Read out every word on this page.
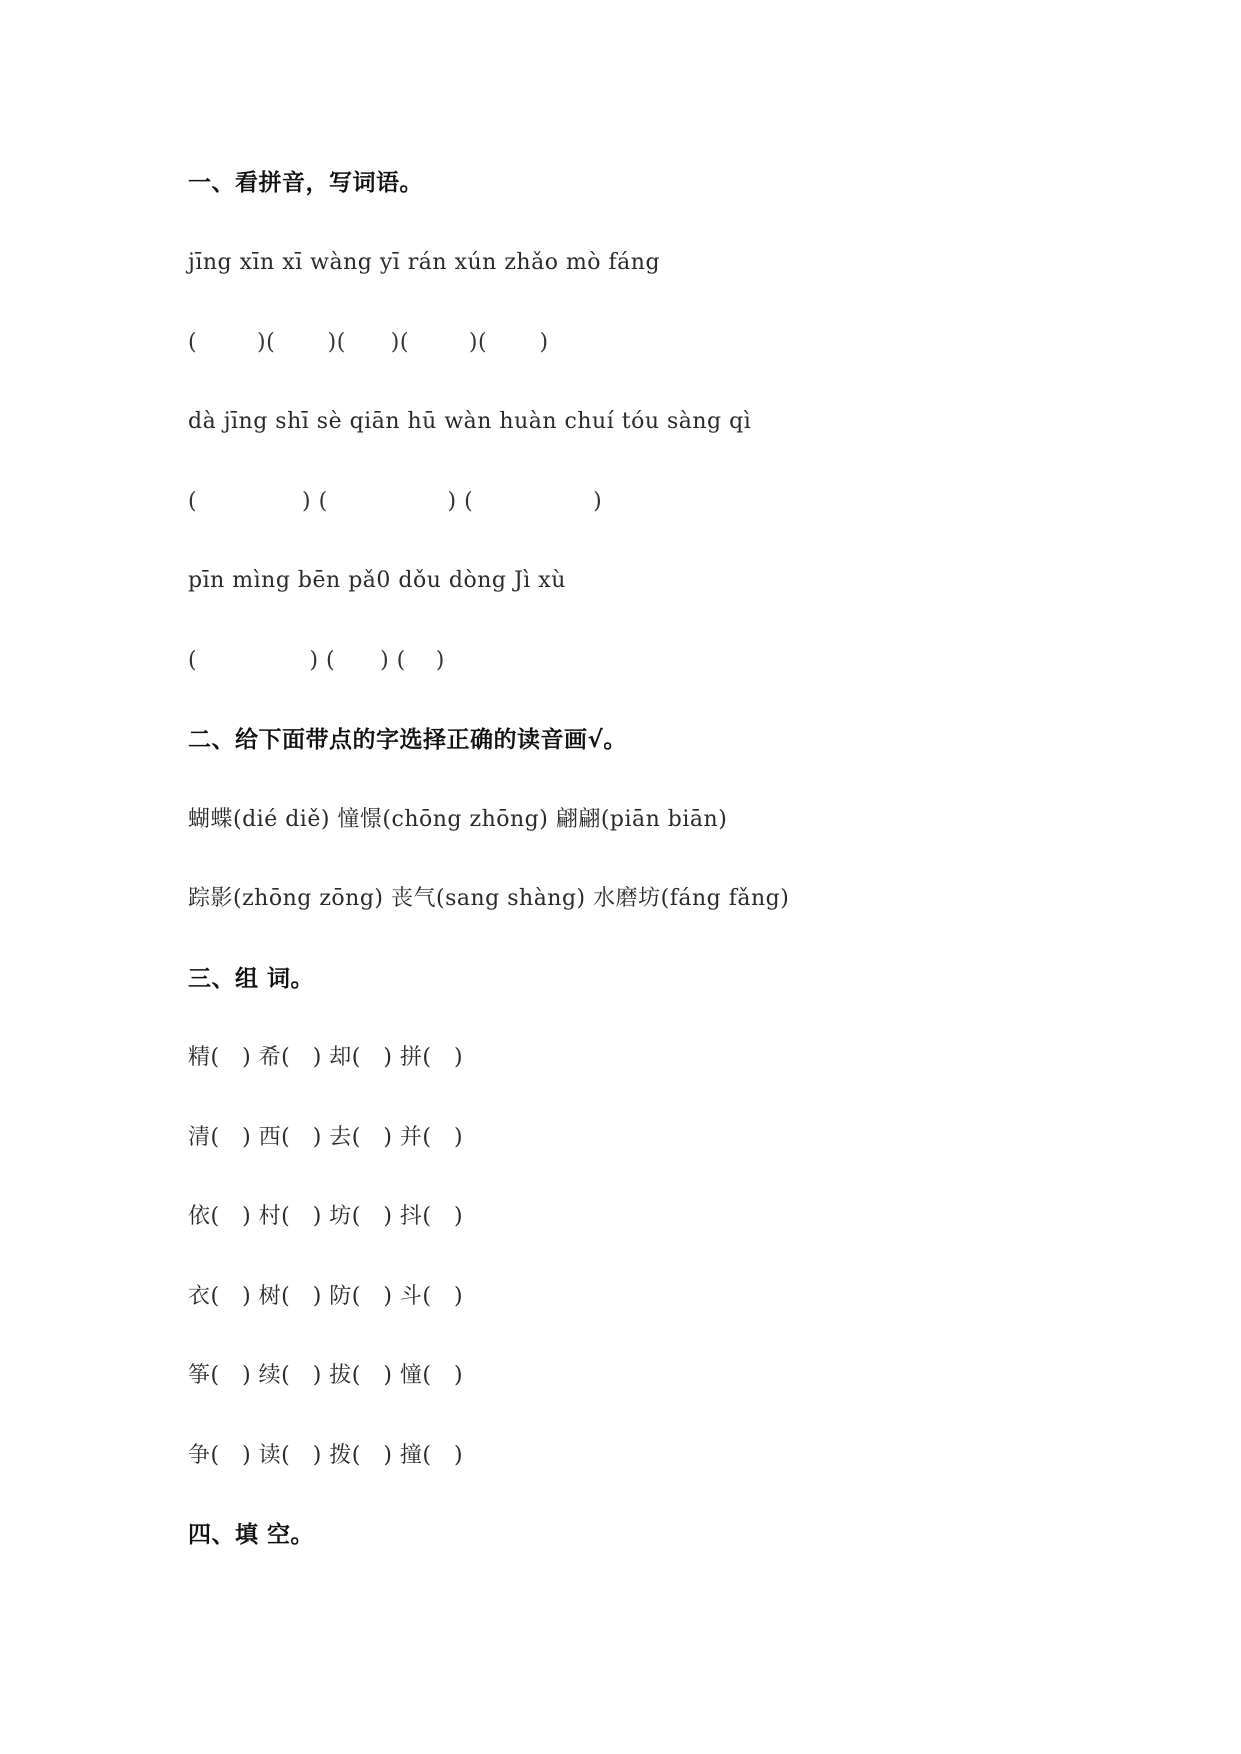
一、看拼音，写词语。
jīng xīn xī wàng yī rán xún zhǎo mò fáng
(        )(       )(      )(        )(       )
dà jīng shī sè qiān hū wàn huàn chuí tóu sàng qì
(              ) (                ) (                )
pīn mìng bēn pǎ0 dǒu dòng Jì xù
(               ) (      ) (    )
二、给下面带点的字选择正确的读音画√。
蝴蝶(dié diě) 憧憬(chōng zhōng) 翩翩(piān biān)
踪影(zhōng zōng) 丧气(sang shàng) 水磨坊(fáng fǎng)
三、组 词。
精(   ) 希(   ) 却(   ) 拼(   )
清(   ) 西(   ) 去(   ) 并(   )
依(   ) 村(   ) 坊(   ) 抖(   )
衣(   ) 树(   ) 防(   ) 斗(   )
筝(   ) 续(   ) 拔(   ) 憧(   )
争(   ) 读(   ) 拨(   ) 撞(   )
四、填 空。
